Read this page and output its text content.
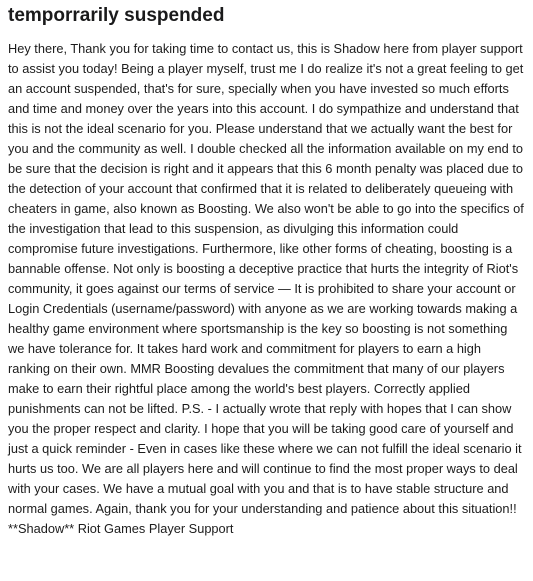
temporrarily suspended

Hey there, Thank you for taking time to contact us, this is Shadow here from player support to assist you today! Being a player myself, trust me I do realize it's not a great feeling to get an account suspended, that's for sure, specially when you have invested so much efforts and time and money over the years into this account. I do sympathize and understand that this is not the ideal scenario for you. Please understand that we actually want the best for you and the community as well. I double checked all the information available on my end to be sure that the decision is right and it appears that this 6 month penalty was placed due to the detection of your account that confirmed that it is related to deliberately queueing with cheaters in game, also known as Boosting. We also won't be able to go into the specifics of the investigation that lead to this suspension, as divulging this information could compromise future investigations. Furthermore, like other forms of cheating, boosting is a bannable offense. Not only is boosting a deceptive practice that hurts the integrity of Riot's community, it goes against our terms of service — It is prohibited to share your account or Login Credentials (username/password) with anyone as we are working towards making a healthy game environment where sportsmanship is the key so boosting is not something we have tolerance for. It takes hard work and commitment for players to earn a high ranking on their own. MMR Boosting devalues the commitment that many of our players make to earn their rightful place among the world's best players. Correctly applied punishments can not be lifted. P.S. - I actually wrote that reply with hopes that I can show you the proper respect and clarity. I hope that you will be taking good care of yourself and just a quick reminder - Even in cases like these where we can not fulfill the ideal scenario it hurts us too. We are all players here and will continue to find the most proper ways to deal with your cases. We have a mutual goal with you and that is to have stable structure and normal games. Again, thank you for your understanding and patience about this situation!! **Shadow** Riot Games Player Support
